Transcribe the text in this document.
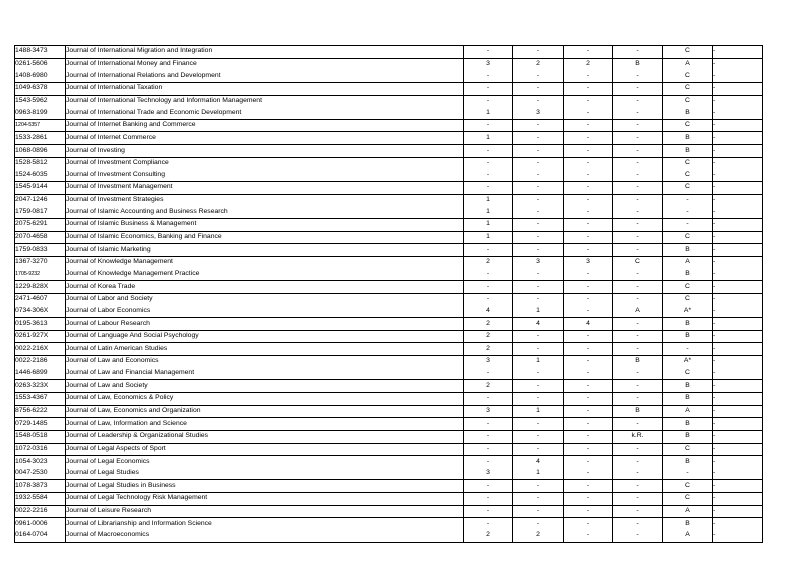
1488-3473	Journal of International Migration and Integration	-	-	-	-	C	-
0261-5606	Journal of International Money and Finance	3	2	2	B	A	-
1408-6980	Journal of International Relations and Development	-	-	-	-	C	-
1049-6378	Journal of International Taxation	-	-	-	-	C	-
1543-5962	Journal of International Technology and Information Management	-	-	-	-	C	-
0963-8199	Journal of International Trade and Economic Development	1	3	-	-	B	-
1204-5357	Journal of Internet Banking and Commerce	-	-	-	-	C	-
1533-2861	Journal of Internet Commerce	1	-	-	-	B	-
1068-0896	Journal of Investing	-	-	-	-	B	-
1528-5812	Journal of Investment Compliance	-	-	-	-	C	-
1524-6035	Journal of Investment Consulting	-	-	-	-	C	-
1545-9144	Journal of Investment Management	-	-	-	-	C	-
2047-1246	Journal of Investment Strategies	1	-	-	-	-	-
1759-0817	Journal of Islamic Accounting and Business Research	1	-	-	-	-	-
2075-6291	Journal of Islamic Business & Management	1	-	-	-	-	-
2070-4658	Journal of Islamic Economics, Banking and Finance	1	-	-	-	C	-
1759-0833	Journal of Islamic Marketing	-	-	-	-	B	-
1367-3270	Journal of Knowledge Management	2	3	3	C	A	-
1705-9232	Journal of Knowledge Management Practice	-	-	-	-	B	-
1229-828X	Journal of Korea Trade	-	-	-	-	C	-
2471-4607	Journal of Labor and Society	-	-	-	-	C	-
0734-306X	Journal of Labor Economics	4	1	-	A	A*	-
0195-3613	Journal of Labour Research	2	4	4	-	B	-
0261-927X	Journal of Language And Social Psychology	2	-	-	-	B	-
0022-216X	Journal of Latin American Studies	2	-	-	-	-	-
0022-2186	Journal of Law and Economics	3	1	-	B	A*	-
1446-6899	Journal of Law and Financial Management	-	-	-	-	C	-
0263-323X	Journal of Law and Society	2	-	-	-	B	-
1553-4367	Journal of Law, Economics & Policy	-	-	-	-	B	-
8756-6222	Journal of Law, Economics and Organization	3	1	-	B	A	-
0729-1485	Journal of Law, Information and Science	-	-	-	-	B	-
1548-0518	Journal of Leadership & Organizational Studies	-	-	-	k.R.	B	-
1072-0316	Journal of Legal Aspects of Sport	-	-	-	-	C	-
1054-3023	Journal of Legal Economics	-	4	-	-	B	-
0047-2530	Journal of Legal Studies	3	1	-	-	-	-
1078-3873	Journal of Legal Studies in Business	-	-	-	-	C	-
1932-5584	Journal of Legal Technology Risk Management	-	-	-	-	C	-
0022-2216	Journal of Leisure Research	-	-	-	-	A	-
0961-0006	Journal of Librarianship and Information Science	-	-	-	-	B	-
0164-0704	Journal of Macroeconomics	2	2	-	-	A	-
